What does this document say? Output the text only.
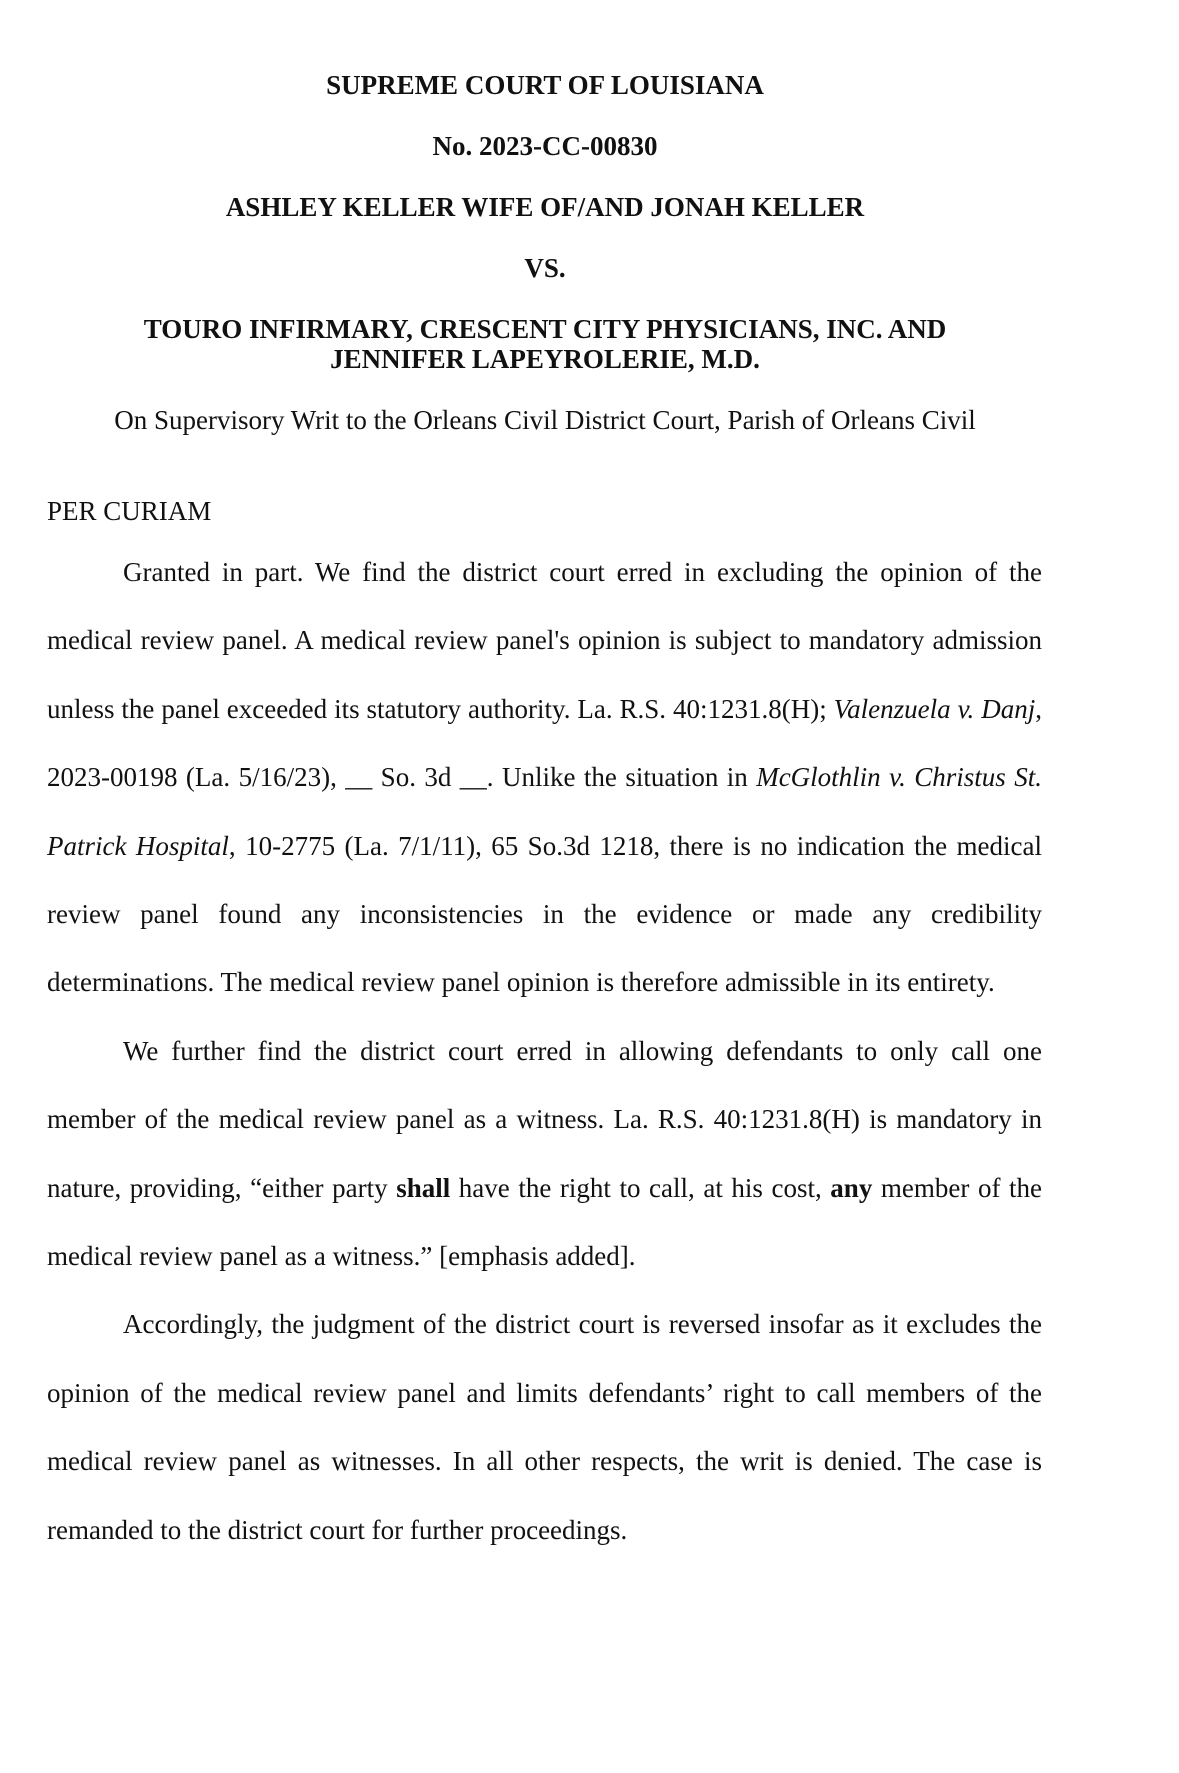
SUPREME COURT OF LOUISIANA

No. 2023-CC-00830

ASHLEY KELLER WIFE OF/AND JONAH KELLER

VS.

TOURO INFIRMARY, CRESCENT CITY PHYSICIANS, INC. AND

JENNIFER LAPEYROLERIE, M.D.

On Supervisory Writ to the Orleans Civil District Court, Parish of Orleans Civil

PER CURIAM

Granted in part. We find the district court erred in excluding the opinion of the medical review panel. A medical review panel's opinion is subject to mandatory admission unless the panel exceeded its statutory authority. La. R.S. 40:1231.8(H); Valenzuela v. Danj, 2023-00198 (La. 5/16/23), __ So. 3d __. Unlike the situation in McGlothlin v. Christus St. Patrick Hospital, 10-2775 (La. 7/1/11), 65 So.3d 1218, there is no indication the medical review panel found any inconsistencies in the evidence or made any credibility determinations. The medical review panel opinion is therefore admissible in its entirety.

We further find the district court erred in allowing defendants to only call one member of the medical review panel as a witness. La. R.S. 40:1231.8(H) is mandatory in nature, providing, “either party shall have the right to call, at his cost, any member of the medical review panel as a witness.” [emphasis added].

Accordingly, the judgment of the district court is reversed insofar as it excludes the opinion of the medical review panel and limits defendants’ right to call members of the medical review panel as witnesses. In all other respects, the writ is denied. The case is remanded to the district court for further proceedings.
